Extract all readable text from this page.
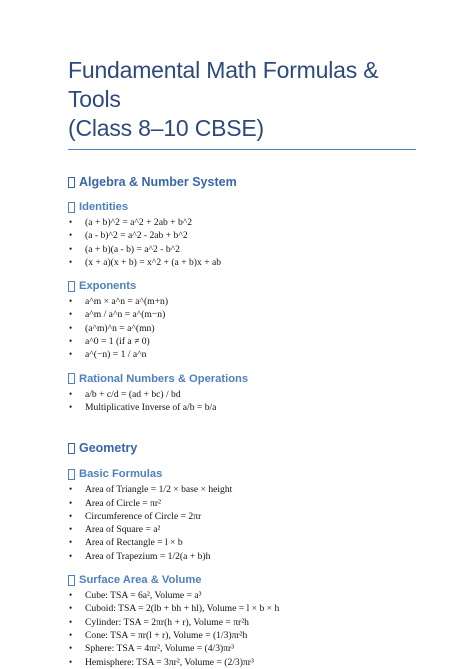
Fundamental Math Formulas & Tools
(Class 8–10 CBSE)
Algebra & Number System
Identities
•	(a + b)^2 = a^2 + 2ab + b^2
•	(a - b)^2 = a^2 - 2ab + b^2
•	(a + b)(a - b) = a^2 - b^2
•	(x + a)(x + b) = x^2 + (a + b)x + ab
Exponents
•	a^m × a^n = a^(m+n)
•	a^m / a^n = a^(m−n)
•	(a^m)^n = a^(mn)
•	a^0 = 1 (if a ≠ 0)
•	a^(−n) = 1 / a^n
Rational Numbers & Operations
•	a/b + c/d = (ad + bc) / bd
•	Multiplicative Inverse of a/b = b/a
Geometry
Basic Formulas
•	Area of Triangle = 1/2 × base × height
•	Area of Circle = πr²
•	Circumference of Circle = 2πr
•	Area of Square = a²
•	Area of Rectangle = l × b
•	Area of Trapezium = 1/2(a + b)h
Surface Area & Volume
•	Cube: TSA = 6a², Volume = a³
•	Cuboid: TSA = 2(lb + bh + hl), Volume = l × b × h
•	Cylinder: TSA = 2πr(h + r), Volume = πr²h
•	Cone: TSA = πr(l + r), Volume = (1/3)πr²h
•	Sphere: TSA = 4πr², Volume = (4/3)πr³
•	Hemisphere: TSA = 3πr², Volume = (2/3)πr³
